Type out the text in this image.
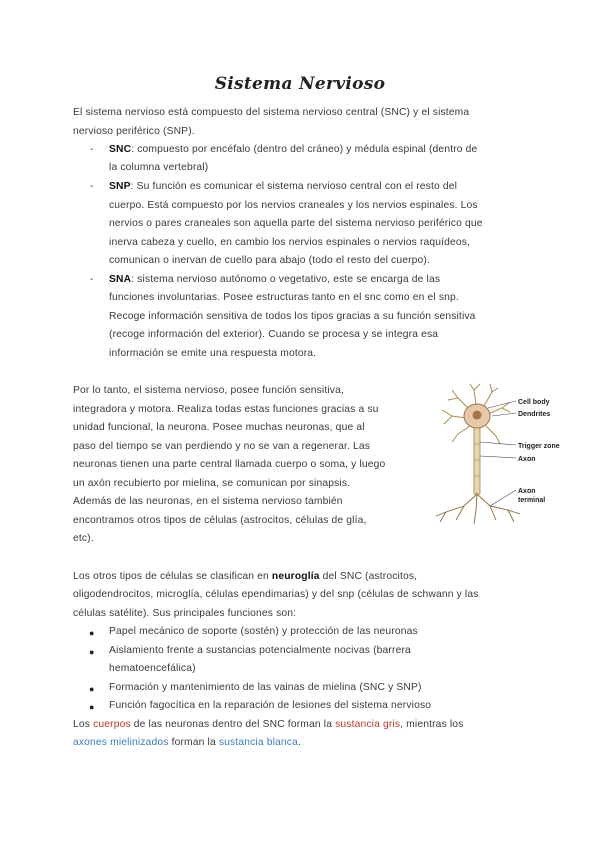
Sistema Nervioso
El sistema nervioso está compuesto del sistema nervioso central (SNC) y el sistema
nervioso periférico (SNP).
- SNC: compuesto por encéfalo (dentro del cráneo) y médula espinal (dentro de
la columna vertebral)
- SNP: Su función es comunicar el sistema nervioso central con el resto del
cuerpo. Está compuesto por los nervios craneales y los nervios espinales. Los
nervios o pares craneales son aquella parte del sistema nervioso periférico que
inerva cabeza y cuello, en cambio los nervios espinales o nervios raquídeos,
comunican o inervan de cuello para abajo (todo el resto del cuerpo).
- SNA: sistema nervioso autónomo o vegetativo, este se encarga de las
funciones involuntarias. Posee estructuras tanto en el snc como en el snp.
Recoge información sensitiva de todos los tipos gracias a su función sensitiva
(recoge información del exterior). Cuando se procesa y se integra esa
información se emite una respuesta motora.
Por lo tanto, el sistema nervioso, posee función sensitiva,
integradora y motora. Realiza todas estas funciones gracias a su
unidad funcional, la neurona. Posee muchas neuronas, que al
paso del tiempo se van perdiendo y no se van a regenerar. Las
neuronas tienen una parte central llamada cuerpo o soma, y luego
un axón recubierto por mielina, se comunican por sinapsis.
Además de las neuronas, en el sistema nervioso también
encontramos otros tipos de células (astrocitos, células de glía,
etc).
Cell body
Dendrites
Trigger zone
Axon
Axon
terminal
Los otros tipos de células se clasifican en neuroglía del SNC (astrocitos,
oligodendrocitos, microglía, células ependimarias) y del snp (células de schwann y las
células satélite). Sus principales funciones son:
● Papel mecánico de soporte (sostén) y protección de las neuronas
● Aislamiento frente a sustancias potencialmente nocivas (barrera
hematoencefálica)
● Formación y mantenimiento de las vainas de mielina (SNC y SNP)
● Función fagocítica en la reparación de lesiones del sistema nervioso
Los cuerpos de las neuronas dentro del SNC forman la sustancia gris, mientras los
axones mielinizados forman la sustancia blanca.
